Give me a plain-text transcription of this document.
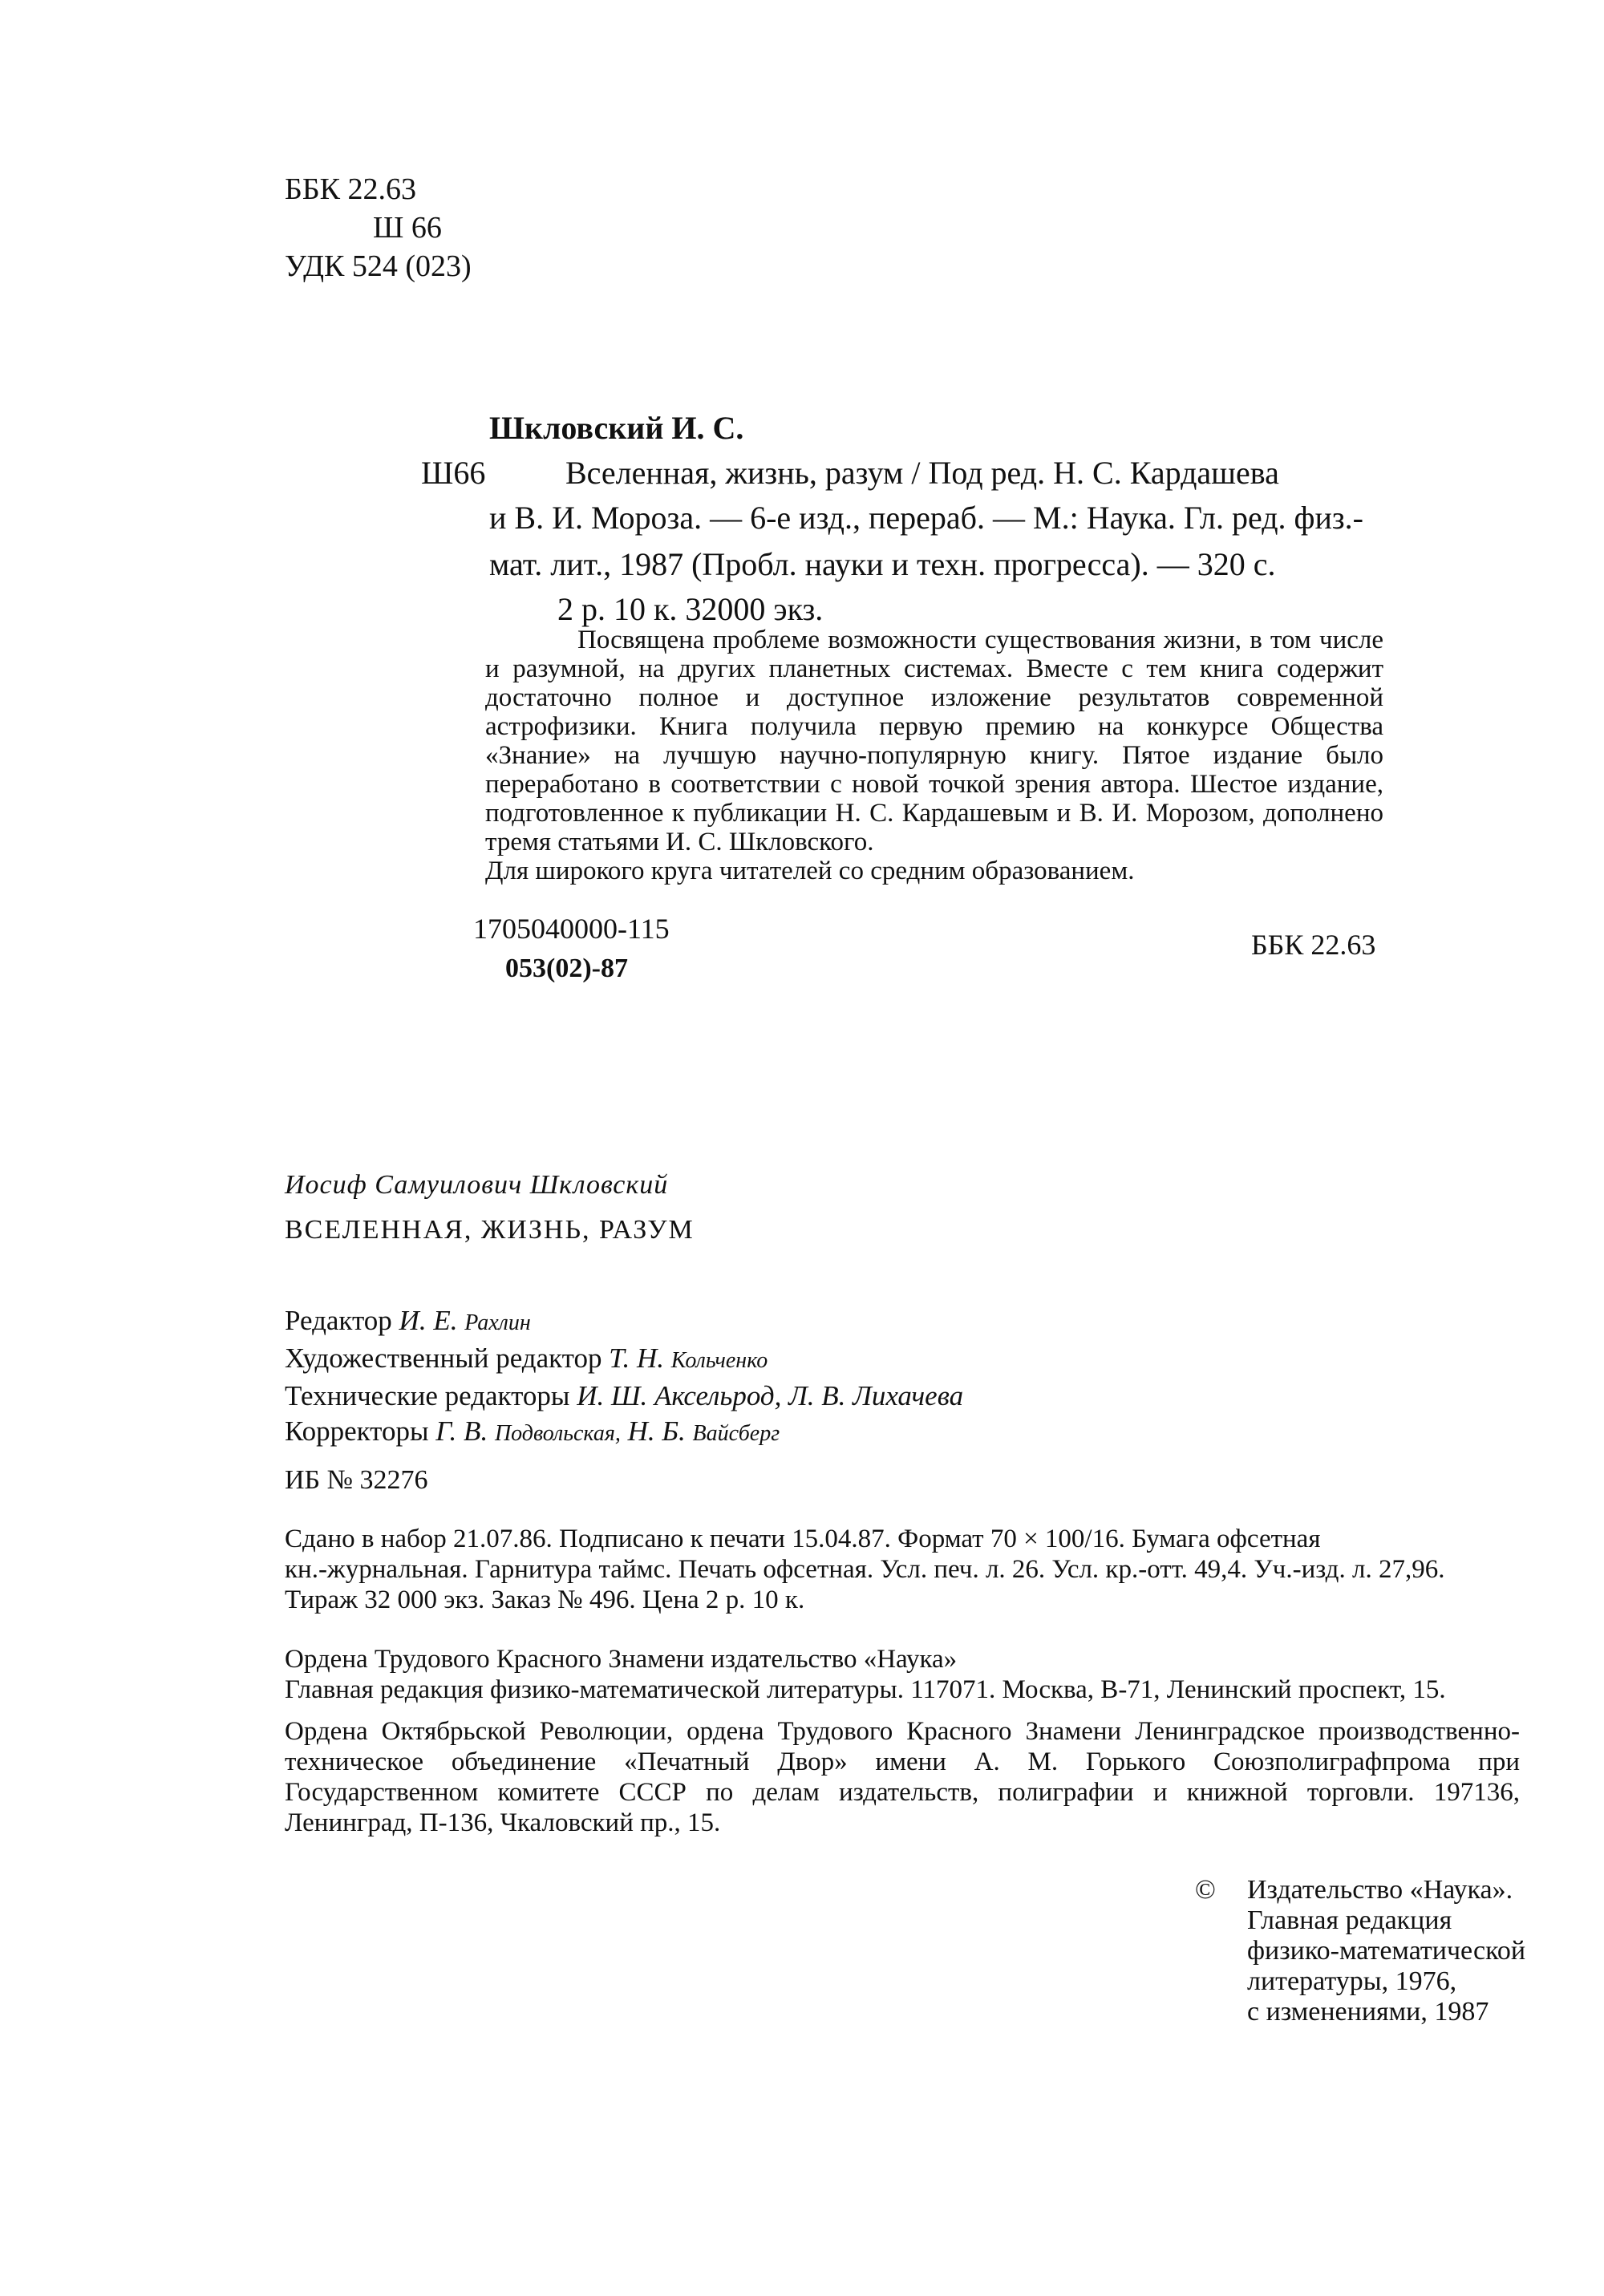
ББК 22.63
Ш 66
УДК 524 (023)
Шкловский И. С.
Ш66 Вселенная, жизнь, разум / Под ред. Н. С. Кардашева
и В. И. Мороза. — 6-е изд., перераб. — М.: Наука. Гл. ред. физ.-
мат. лит., 1987 (Пробл. науки и техн. прогресса). — 320 с.
2 р. 10 к. 32000 экз.

Посвящена проблеме возможности существования жизни, в том числе и разумной, на других планетных системах. Вместе с тем книга содержит достаточно полное и доступное изложение результатов современной астрофизики. Книга получила первую премию на конкурсе Общества «Знание» на лучшую научно-популярную книгу. Пятое издание было переработано в соответствии с новой точкой зрения автора. Шестое издание, подготовленное к публикации Н. С. Кардашевым и В. И. Морозом, дополнено тремя статьями И. С. Шкловского.

Для широкого круга читателей со средним образованием.

1705040000-115
053(02)-87
ББК 22.63
Иосиф Самуилович Шкловский
ВСЕЛЕННАЯ, ЖИЗНЬ, РАЗУМ
Редактор И. Е. Рахлин
Художественный редактор Т. Н. Кольченко
Технические редакторы И. Ш. Аксельрод, Л. В. Лихачева
Корректоры Г. В. Подвольская, Н. Б. Вайсберг
ИБ № 32276

Сдано в набор 21.07.86. Подписано к печати 15.04.87. Формат 70 × 100/16. Бумага офсетная

кн.-журнальная. Гарнитура таймс. Печать офсетная. Усл. печ. л. 26. Усл. кр.-отт. 49,4. Уч.-изд. л. 27,96.

Тираж 32 000 экз. Заказ № 496. Цена 2 р. 10 к.

Ордена Трудового Красного Знамени издательство «Наука»

Главная редакция физико-математической литературы. 117071. Москва, В-71, Ленинский проспект, 15.

Ордена Октябрьской Революции, ордена Трудового Красного Знамени Ленинградское производственно-техническое объединение «Печатный Двор» имени А. М. Горького Союзполиграфпрома при Государственном комитете СССР по делам издательств, полиграфии и книжной торговли. 197136, Ленинград, П-136, Чкаловский пр., 15.

© Издательство «Наука».
Главная редакция
физико-математической
литературы, 1976,
с изменениями, 1987
